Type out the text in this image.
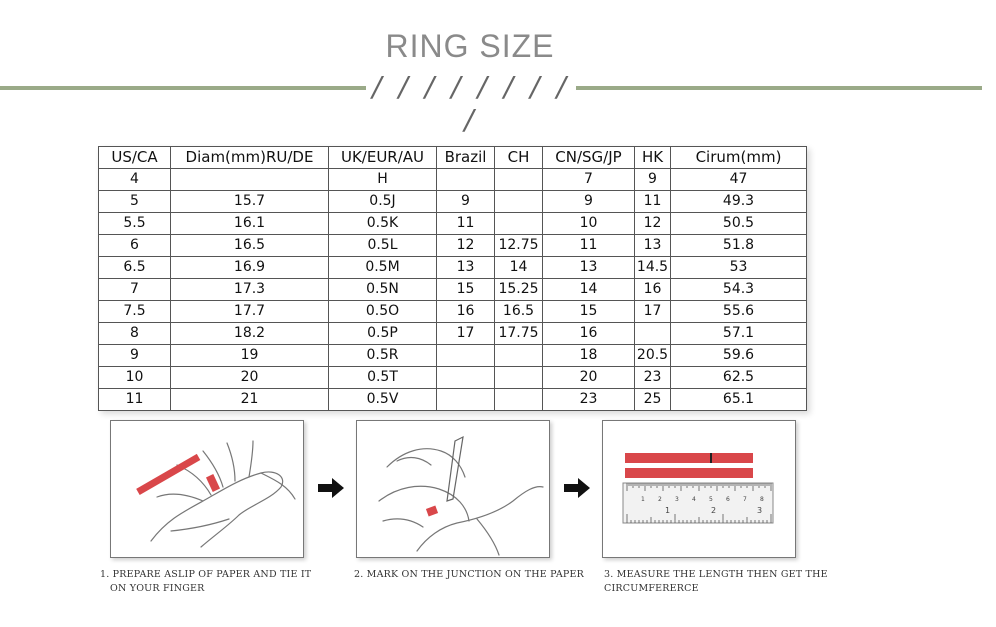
RING SIZE
/ / / / / / / / /
US/CA	Diam(mm)RU/DE	UK/EUR/AU	Brazil	CH	CN/SG/JP	HK	Cirum(mm)
4		H			7	9	47
5	15.7	0.5J	9		9	11	49.3
5.5	16.1	0.5K	11		10	12	50.5
6	16.5	0.5L	12	12.75	11	13	51.8
6.5	16.9	0.5M	13	14	13	14.5	53
7	17.3	0.5N	15	15.25	14	16	54.3
7.5	17.7	0.5O	16	16.5	15	17	55.6
8	18.2	0.5P	17	17.75	16		57.1
9	19	0.5R			18	20.5	59.6
10	20	0.5T			20	23	62.5
11	21	0.5V			23	25	65.1
1 2 3 4 5 6 7 8
1	2	3
1. PREPARE ASLIP OF PAPER AND TIE IT
ON YOUR FINGER
2. MARK ON THE JUNCTION ON THE PAPER 3. MEASURE THE LENGTH THEN GET THE
CIRCUMFERERCE
